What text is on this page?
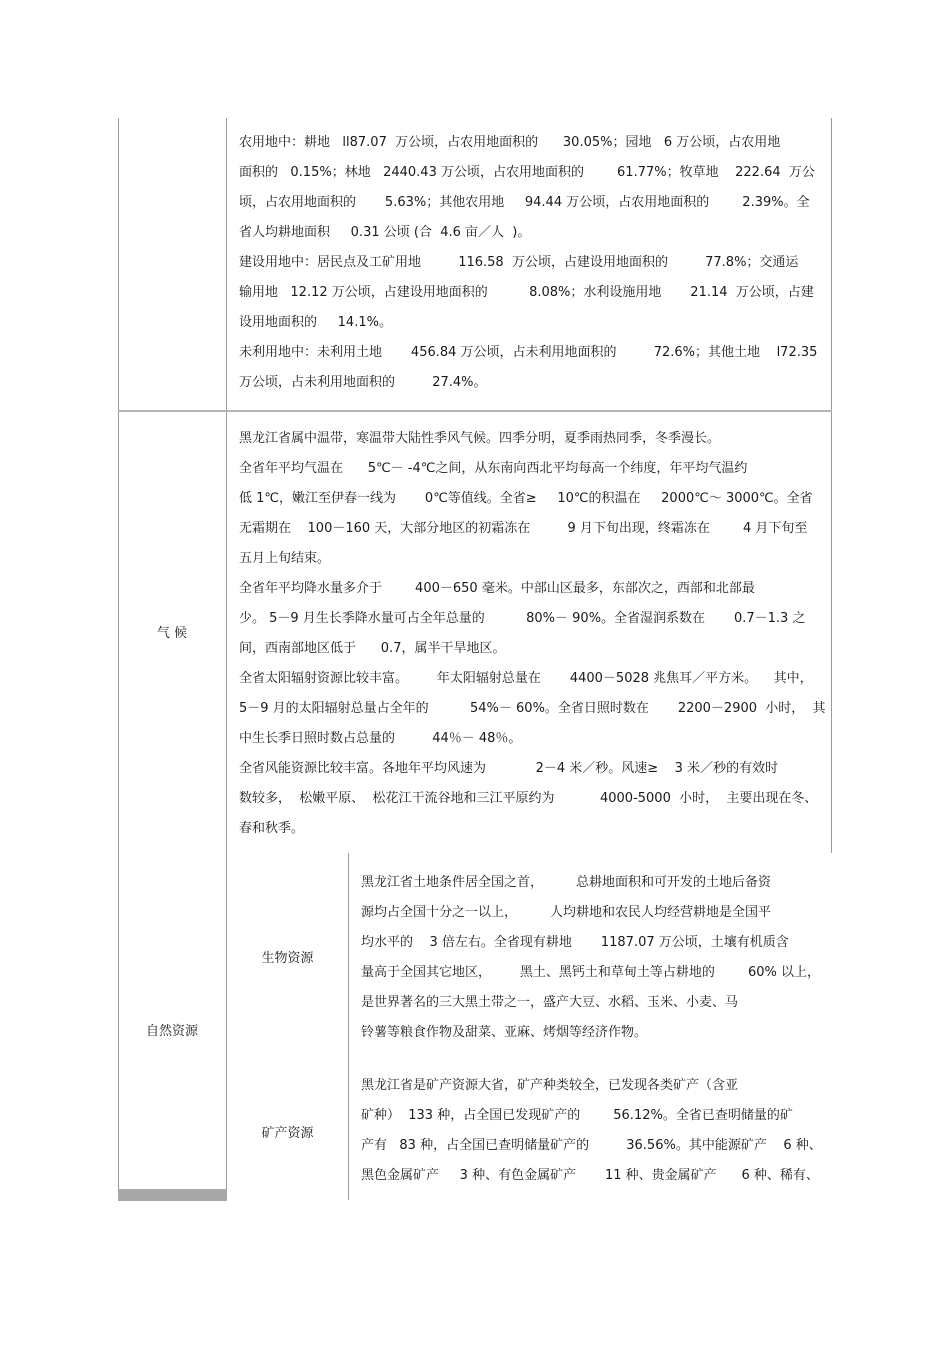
农用地中：耕地   ll87.07  万公顷，占农用地面积的      30.05%；园地   6 万公顷，占农用地
面积的   0.15%；林地   2440.43 万公顷，占农用地面积的        61.77%；牧草地    222.64  万公
顷，占农用地面积的       5.63%；其他农用地     94.44 万公顷，占农用地面积的        2.39%。全
省人均耕地面积     0.31 公顷 (合  4.6 亩／人  )。
建设用地中：居民点及工矿用地         116.58  万公顷，占建设用地面积的         77.8%；交通运
输用地   12.12 万公顷，占建设用地面积的          8.08%；水利设施用地       21.14  万公顷，占建
设用地面积的     14.1%。
未利用地中：未利用土地       456.84 万公顷，占未利用地面积的         72.6%；其他土地    l72.35
万公顷，占未利用地面积的         27.4%。
气 候
黑龙江省属中温带，寒温带大陆性季风气候。四季分明，夏季雨热同季，冬季漫长。
全省年平均气温在      5℃－ -4℃之间，从东南向西北平均每高一个纬度，年平均气温约
低 1℃，嫩江至伊春一线为       0℃等值线。全省≥     10℃的积温在     2000℃～ 3000℃。全省
无霜期在    100－160 天，大部分地区的初霜冻在         9 月下旬出现，终霜冻在        4 月下旬至
五月上旬结束。
全省年平均降水量多介于        400－650 毫米。中部山区最多，东部次之，西部和北部最
少。 5－9 月生长季降水量可占全年总量的          80%－ 90%。全省湿润系数在       0.7－1.3 之
间，西南部地区低于      0.7，属半干旱地区。
全省太阳辐射资源比较丰富。       年太阳辐射总量在       4400－5028 兆焦耳／平方米。    其中，
5－9 月的太阳辐射总量占全年的          54%－ 60%。全省日照时数在       2200－2900  小时，  其
中生长季日照时数占总量的         44％－ 48％。
全省风能资源比较丰富。各地年平均风速为            2－4 米／秒。风速≥    3 米／秒的有效时
数较多，  松嫩平原、  松花江干流谷地和三江平原约为           4000-5000  小时，  主要出现在冬、
春和秋季。
自然资源
生物资源
黑龙江省土地条件居全国之首，        总耕地面积和可开发的土地后备资
源均占全国十分之一以上，        人均耕地和农民人均经营耕地是全国平
均水平的    3 倍左右。全省现有耕地       1187.07 万公顷，土壤有机质含
量高于全国其它地区，       黑土、黑钙土和草甸土等占耕地的        60% 以上，
是世界著名的三大黑土带之一，盛产大豆、水稻、玉米、小麦、马
铃薯等粮食作物及甜菜、亚麻、烤烟等经济作物。
矿产资源
黑龙江省是矿产资源大省，矿产种类较全，已发现各类矿产（含亚
矿种）  133 种，占全国已发现矿产的        56.12%。全省已查明储量的矿
产有   83 种，占全国已查明储量矿产的         36.56%。其中能源矿产    6 种、
黑色金属矿产     3 种、有色金属矿产       11 种、贵金属矿产      6 种、稀有、
